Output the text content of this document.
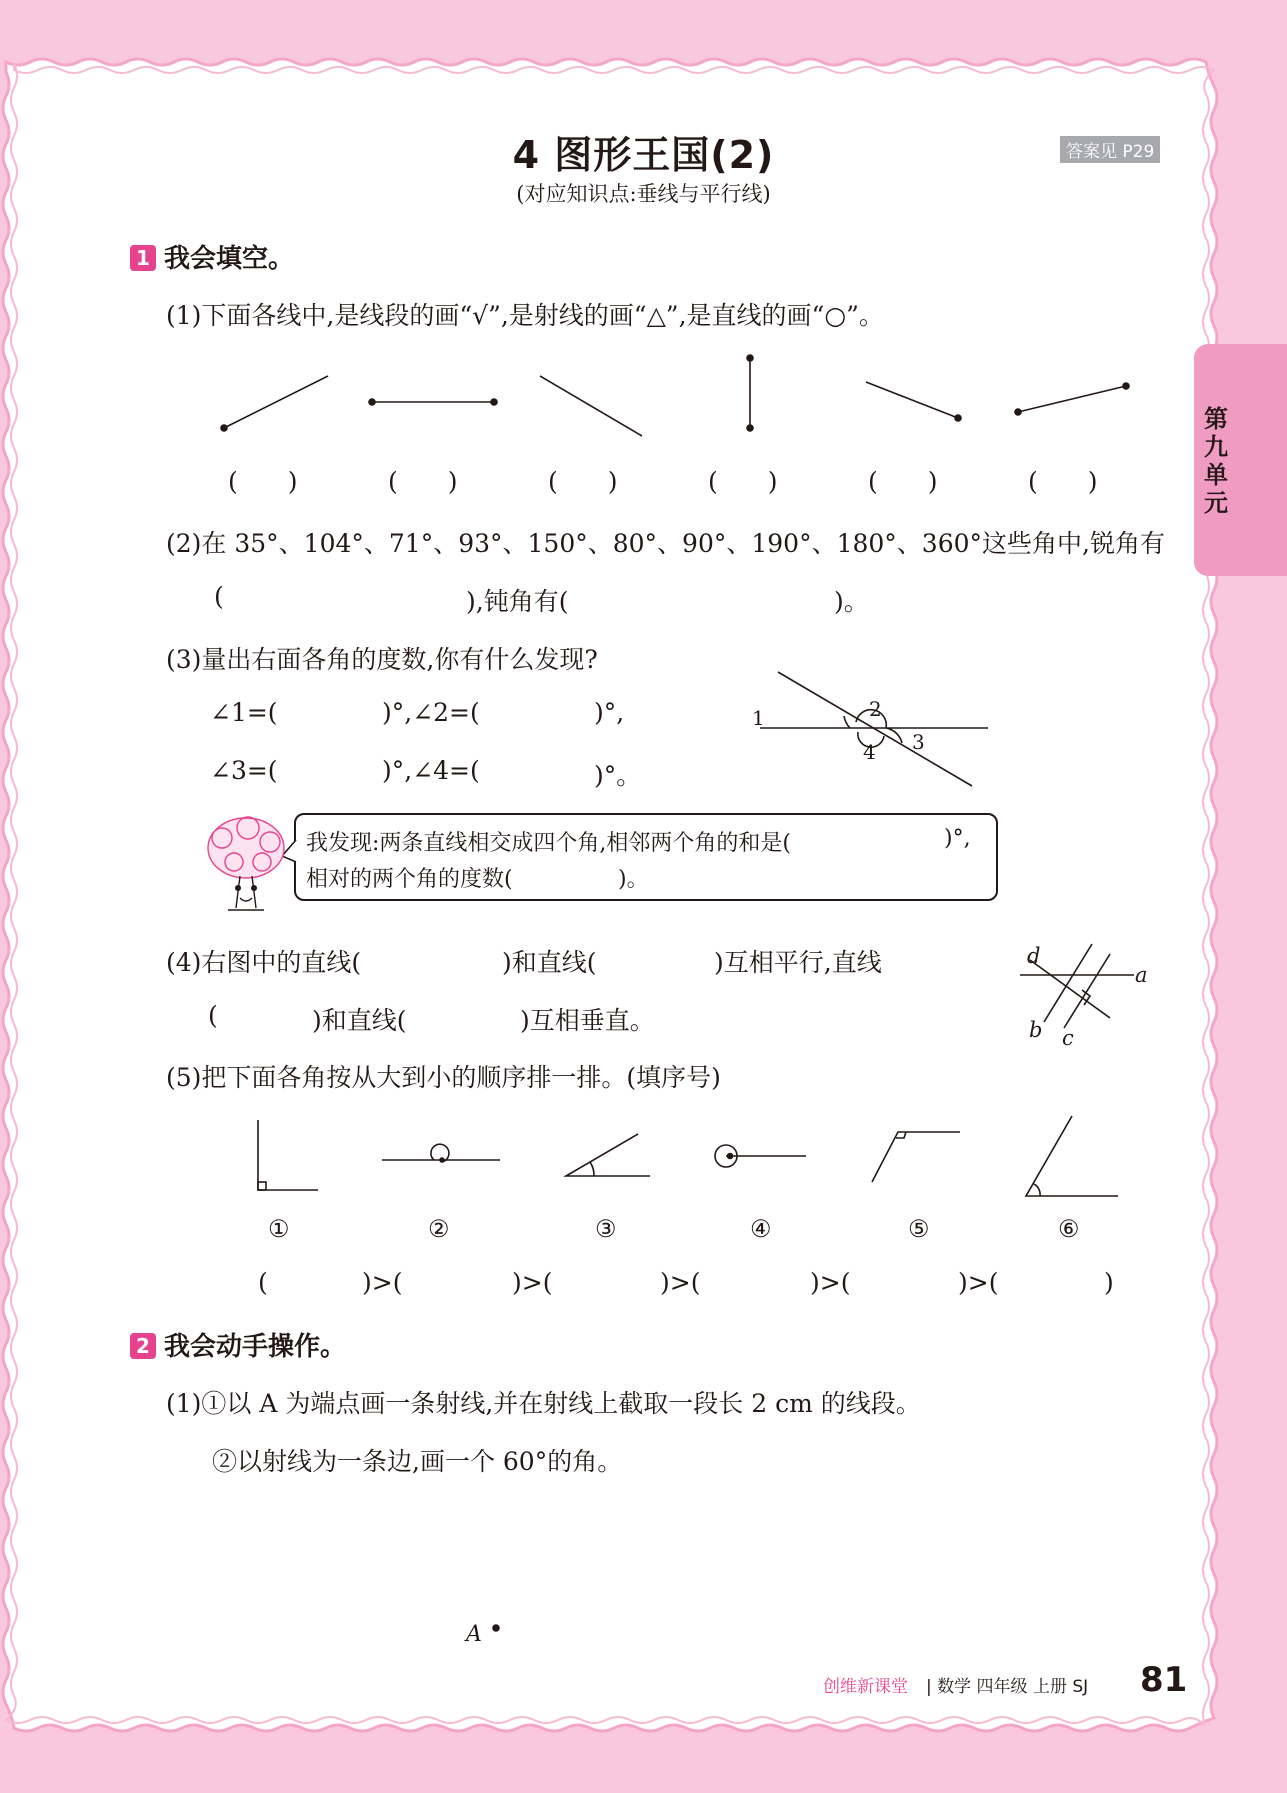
第九单元
4 图形王国(2)	答案见 P29
(对应知识点:垂线与平行线)
1 我会填空。
(1)下面各线中,是线段的画“√”,是射线的画“△”,是直线的画“○”。
(　　)	(　　)	(　　)	(　　)	(　　)	(　　)
(2)在 35°、104°、71°、93°、150°、80°、90°、190°、180°、360°这些角中,锐角有
(	),钝角有(	)。
(3)量出右面各角的度数,你有什么发现?
∠1=(	)°,∠2=(	)°,
∠3=(	)°,∠4=(	)°。
1	2
3
4
我发现:两条直线相交成四个角,相邻两个角的和是(	)°,
相对的两个角的度数(	)。
(4)右图中的直线(	)和直线(	)互相平行,直线
(	)和直线(	)互相垂直。
d
a
b c
(5)把下面各角按从大到小的顺序排一排。(填序号)
①	②	③	④	⑤	⑥
(	)>(	)>(	)>(	)>(	)>(	)
2 我会动手操作。
(1)①以 A 为端点画一条射线,并在射线上截取一段长 2 cm 的线段。
②以射线为一条边,画一个 60°的角。
A
创维新课堂 | 数学 四年级 上册 SJ 81
